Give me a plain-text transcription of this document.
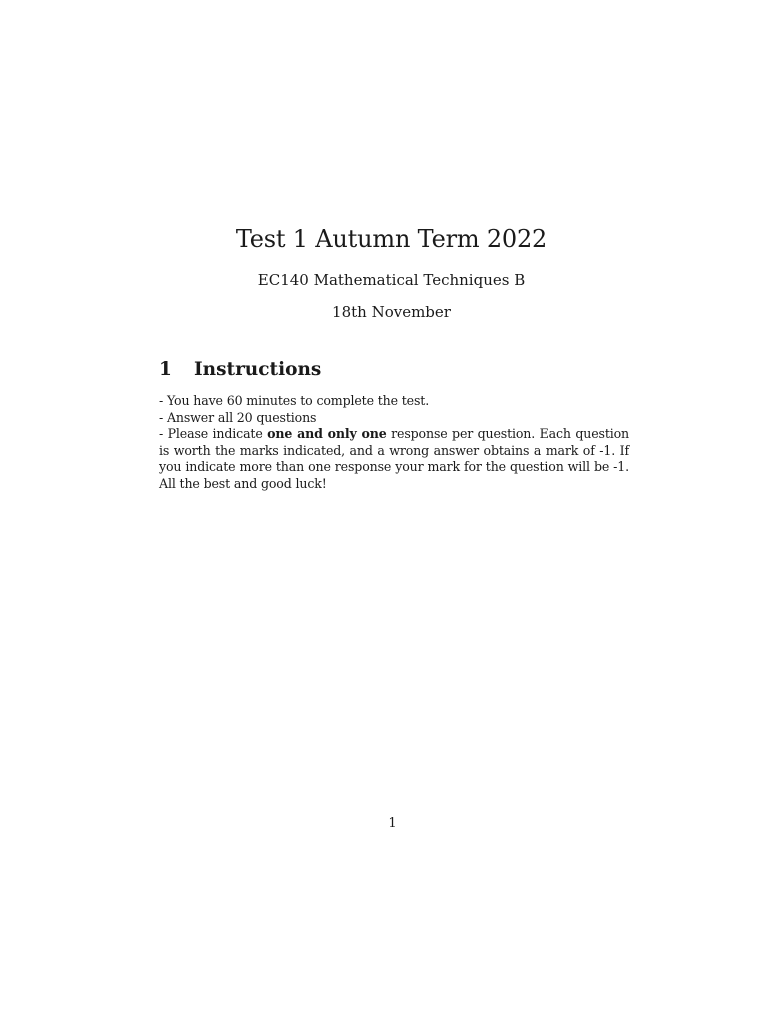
Test 1 Autumn Term 2022
EC140 Mathematical Techniques B
18th November
1 Instructions
- You have 60 minutes to complete the test.
- Answer all 20 questions
- Please indicate one and only one response per question. Each question
is worth the marks indicated, and a wrong answer obtains a mark of -1. If
you indicate more than one response your mark for the question will be -1.
All the best and good luck!
1
